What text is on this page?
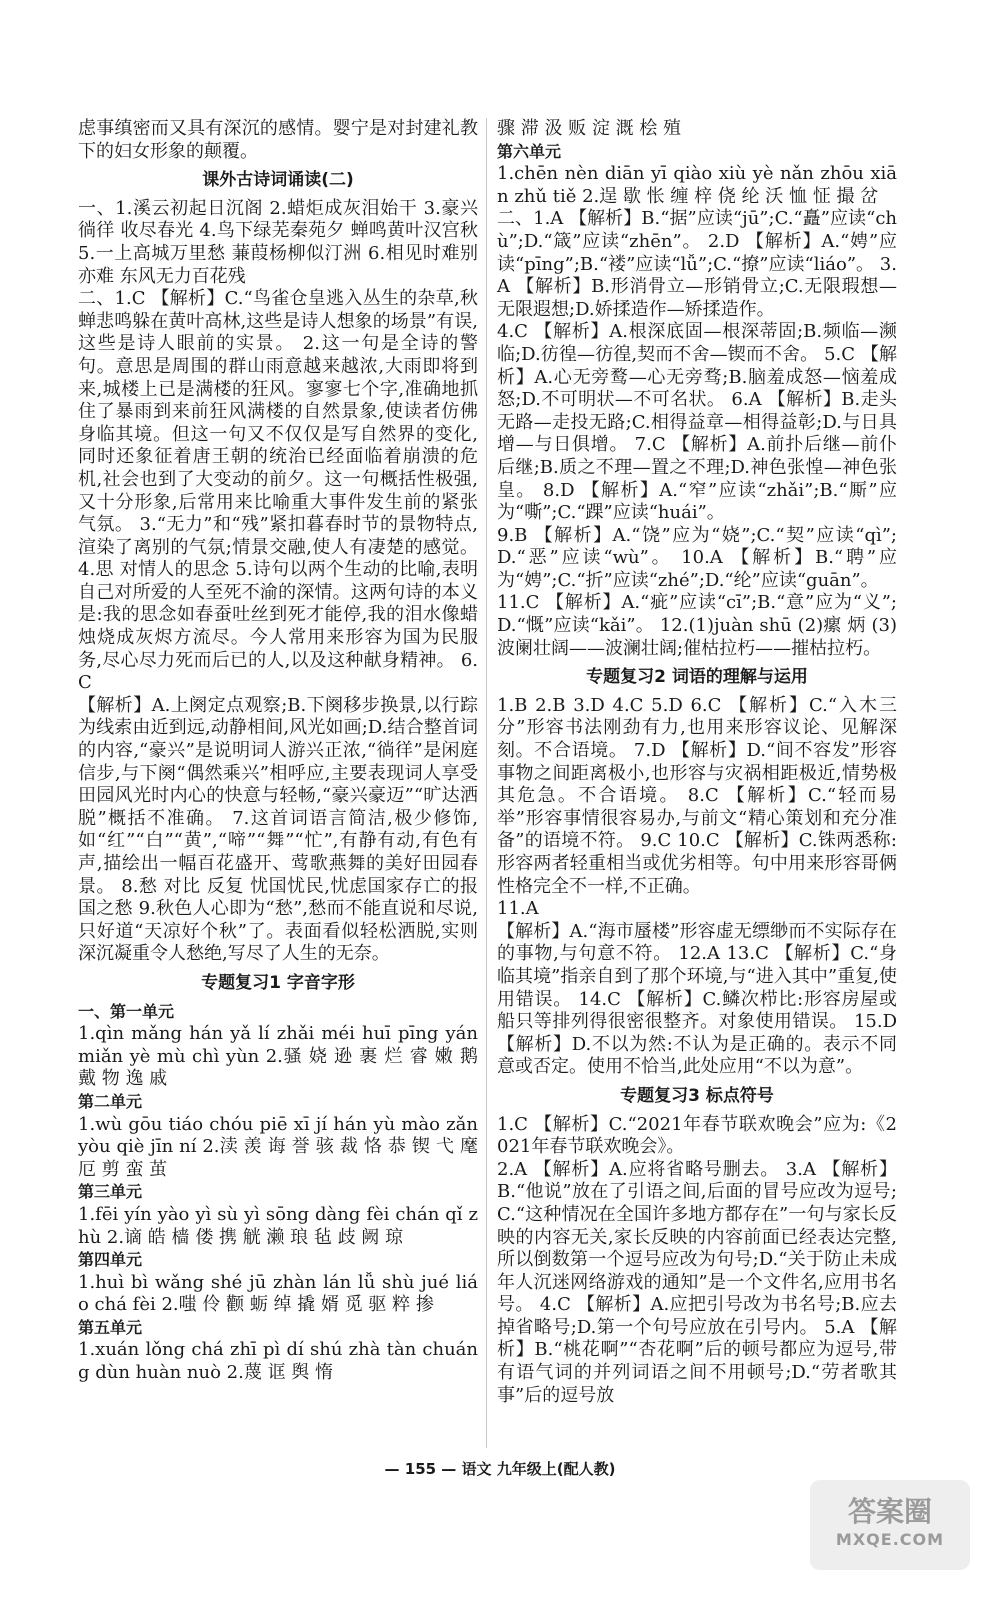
虑事缜密而又具有深沉的感情。婴宁是对封建礼教下的妇女形象的颠覆。
课外古诗词诵读(二)
一、1.溪云初起日沉阁 2.蜡炬成灰泪始干 3.豪兴徜徉 收尽春光 4.鸟下绿芜秦苑夕 蝉鸣黄叶汉宫秋 5.一上高城万里愁 蒹葭杨柳似汀洲 6.相见时难别亦难 东风无力百花残
二、1.C 【解析】C.“鸟雀仓皇逃入丛生的杂草,秋蝉悲鸣躲在黄叶高林,这些是诗人想象的场景”有误,这些是诗人眼前的实景。 2.这一句是全诗的警句。意思是周围的群山雨意越来越浓,大雨即将到来,城楼上已是满楼的狂风。寥寥七个字,准确地抓住了暴雨到来前狂风满楼的自然景象,使读者仿佛身临其境。但这一句又不仅仅是写自然界的变化,同时还象征着唐王朝的统治已经面临着崩溃的危机,社会也到了大变动的前夕。这一句概括性极强,又十分形象,后常用来比喻重大事件发生前的紧张气氛。 3.“无力”和“残”紧扣暮春时节的景物特点,渲染了离别的气氛;情景交融,使人有凄楚的感觉。 4.思 对情人的思念 5.诗句以两个生动的比喻,表明自己对所爱的人至死不渝的深情。这两句诗的本义是:我的思念如春蚕吐丝到死才能停,我的泪水像蜡烛烧成灰烬方流尽。今人常用来形容为国为民服务,尽心尽力死而后已的人,以及这种献身精神。 6.C
【解析】A.上阕定点观察;B.下阕移步换景,以行踪为线索由近到远,动静相间,风光如画;D.结合整首词的内容,“豪兴”是说明词人游兴正浓,“徜徉”是闲庭信步,与下阕“偶然乘兴”相呼应,主要表现词人享受田园风光时内心的快意与轻畅,“豪兴豪迈”“旷达洒脱”概括不准确。 7.这首词语言简洁,极少修饰,如“红”“白”“黄”,“啼”“舞”“忙”,有静有动,有色有声,描绘出一幅百花盛开、莺歌燕舞的美好田园春景。 8.愁 对比 反复 忧国忧民,忧虑国家存亡的报国之愁 9.秋色人心即为“愁”,愁而不能直说和尽说,只好道“天凉好个秋”了。表面看似轻松洒脱,实则深沉凝重令人愁绝,写尽了人生的无奈。
专题复习1 字音字形
一、第一单元
1.qìn mǎng hán yǎ lí zhǎi méi huī pīng yán miǎn yè mù chì yùn 2.骚 娆 逊 裹 烂 睿 嫩 鹅 戴 物 逸 戚
第二单元
1.wù gōu tiáo chóu piē xī jí hán yù mào zǎn yòu qiè jīn ní 2.渎 羡 诲 誉 骇 裁 恪 恭 锲 弋 麾 厄 剪 蛮 茧
第三单元
1.fēi yín yào yì sù yì sōng dàng fèi chán qǐ zhù 2.谪 皓 樯 偻 携 觥 濑 琅 毡 歧 阙 琼
第四单元
1.huì bì wǎng shé jū zhàn lán lǚ shù jué liáo chá fèi 2.嗤 伶 颧 蛎 绰 撬 婿 觅 驱 粹 掺
第五单元
1.xuán lǒng chá zhī pì dí shú zhà tàn chuáng dùn huàn nuò 2.蔑 诓 舆 惰
骤 滞 汲 贩 淀 溉 桧 殖
第六单元
1.chēn nèn diān yī qiào xiù yè nǎn zhōu xiān zhǔ tiě 2.逞 歇 怅 缠 梓 侥 纶 沃 恤 怔 撮 岔
二、1.A 【解析】B.“据”应读“jū”;C.“矗”应读“chù”;D.“箴”应读“zhēn”。 2.D 【解析】A.“娉”应读“pīng”;B.“褛”应读“lǚ”;C.“撩”应读“liáo”。 3.A 【解析】B.形消骨立—形销骨立;C.无限瑕想—无限遐想;D.娇揉造作—矫揉造作。
4.C 【解析】A.根深底固—根深蒂固;B.频临—濒临;D.彷徨—彷徨,契而不舍—锲而不舍。 5.C 【解析】A.心无旁鹜—心无旁骛;B.脑羞成怒—恼羞成怒;D.不可明状—不可名状。 6.A 【解析】B.走头无路—走投无路;C.相得益章—相得益彰;D.与日具增—与日俱增。 7.C 【解析】A.前扑后继—前仆后继;B.质之不理—置之不理;D.神色张惶—神色张皇。 8.D 【解析】A.“窄”应读“zhǎi”;B.“厮”应为“嘶”;C.“踝”应读“huái”。
9.B 【解析】A.“饶”应为“娆”;C.“契”应读“qì”;D.“恶”应读“wù”。 10.A 【解析】B.“聘”应为“娉”;C.“折”应读“zhé”;D.“纶”应读“guān”。
11.C 【解析】A.“疵”应读“cī”;B.“意”应为“义”;D.“慨”应读“kǎi”。 12.(1)juàn shū (2)瘰 炳 (3)波阑壮阔——波澜壮阔;催枯拉朽——摧枯拉朽。
专题复习2 词语的理解与运用
1.B 2.B 3.D 4.C 5.D 6.C 【解析】C.“入木三分”形容书法刚劲有力,也用来形容议论、见解深刻。不合语境。 7.D 【解析】D.“间不容发”形容事物之间距离极小,也形容与灾祸相距极近,情势极其危急。不合语境。 8.C 【解析】C.“轻而易举”形容事情很容易办,与前文“精心策划和充分准备”的语境不符。 9.C 10.C 【解析】C.铢两悉称:形容两者轻重相当或优劣相等。句中用来形容哥俩性格完全不一样,不正确。
11.A
【解析】A.“海市蜃楼”形容虚无缥缈而不实际存在的事物,与句意不符。 12.A 13.C 【解析】C.“身临其境”指亲自到了那个环境,与“进入其中”重复,使用错误。 14.C 【解析】C.鳞次栉比:形容房屋或船只等排列得很密很整齐。对象使用错误。 15.D 【解析】D.不以为然:不认为是正确的。表示不同意或否定。使用不恰当,此处应用“不以为意”。
专题复习3 标点符号
1.C 【解析】C.“2021年春节联欢晚会”应为:《2021年春节联欢晚会》。
2.A 【解析】A.应将省略号删去。 3.A 【解析】B.“他说”放在了引语之间,后面的冒号应改为逗号;C.“这种情况在全国许多地方都存在”一句与家长反映的内容无关,家长反映的内容前面已经表达完整,所以倒数第一个逗号应改为句号;D.“关于防止未成年人沉迷网络游戏的通知”是一个文件名,应用书名号。 4.C 【解析】A.应把引号改为书名号;B.应去掉省略号;D.第一个句号应放在引号内。 5.A 【解析】B.“桃花啊”“杏花啊”后的顿号都应为逗号,带有语气词的并列词语之间不用顿号;D.“劳者歌其事”后的逗号放
— 155 — 语文 九年级上(配人教)
答案圈
MXQE.COM
